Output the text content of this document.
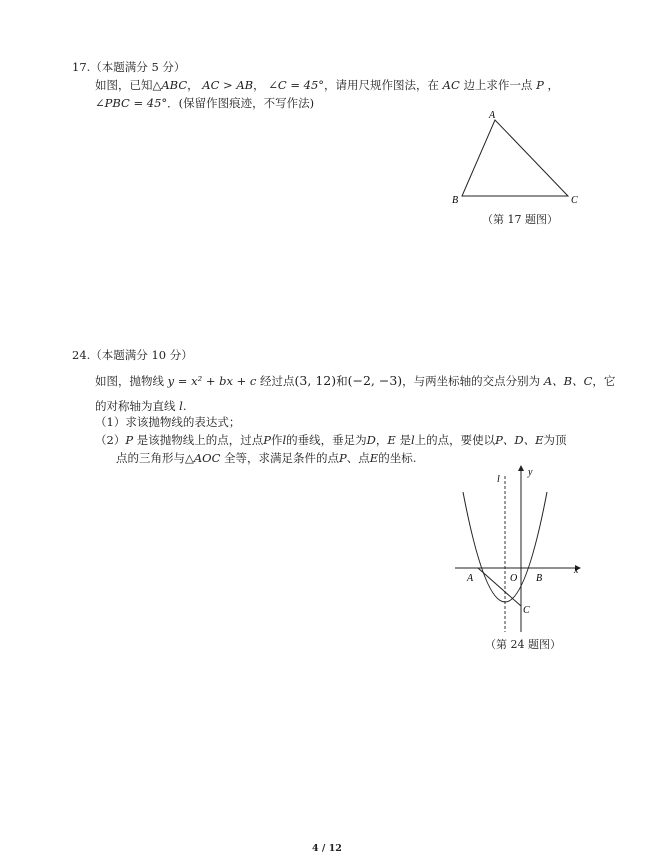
17.（本题满分 5 分）
如图，已知△ABC， AC > AB， ∠C = 45°，请用尺规作图法，在 AC 边上求作一点 P ，
∠PBC = 45°．(保留作图痕迹，不写作法)
A
B	C
（第 17 题图）
24.（本题满分 10 分）
如图，抛物线 y = x² + bx + c 经过点(3, 12)和(−2, −3)，与两坐标轴的交点分别为 A、B、C，它
的对称轴为直线 l.
（1）求该抛物线的表达式；
（2）P 是该抛物线上的点，过点P作l的垂线，垂足为D，E 是l上的点，要使以P、D、E为顶
点的三角形与△AOC 全等，求满足条件的点P、点E的坐标.
l
y
x
A	O B
C
（第 24 题图）
4 / 12
